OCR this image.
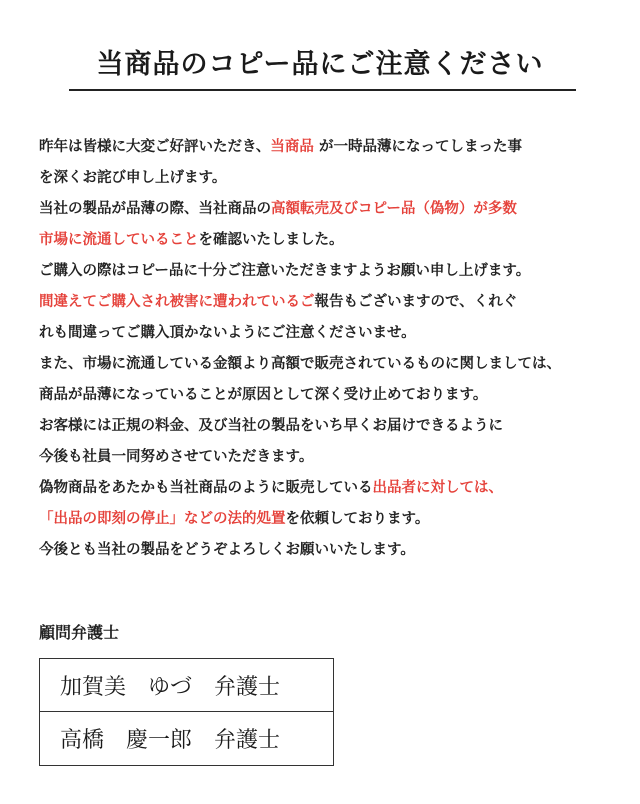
当商品のコピー品にご注意ください
昨年は皆様に大変ご好評いただき、当商品 が一時品薄になってしまった事
を深くお詫び申し上げます。
当社の製品が品薄の際、当社商品の高額転売及びコピー品（偽物）が多数
市場に流通していることを確認いたしました。
ご購入の際はコピー品に十分ご注意いただきますようお願い申し上げます。
間違えてご購入され被害に遭われているご報告もございますので、くれぐ
れも間違ってご購入頂かないようにご注意くださいませ。
また、市場に流通している金額より高額で販売されているものに関しましては、
商品が品薄になっていることが原因として深く受け止めております。
お客様には正規の料金、及び当社の製品をいち早くお届けできるように
今後も社員一同努めさせていただきます。
偽物商品をあたかも当社商品のように販売している出品者に対しては、
「出品の即刻の停止」などの法的処置を依頼しております。
今後とも当社の製品をどうぞよろしくお願いいたします。
顧問弁護士
加賀美　ゆづ 弁護士
高橋　慶一郎 弁護士
